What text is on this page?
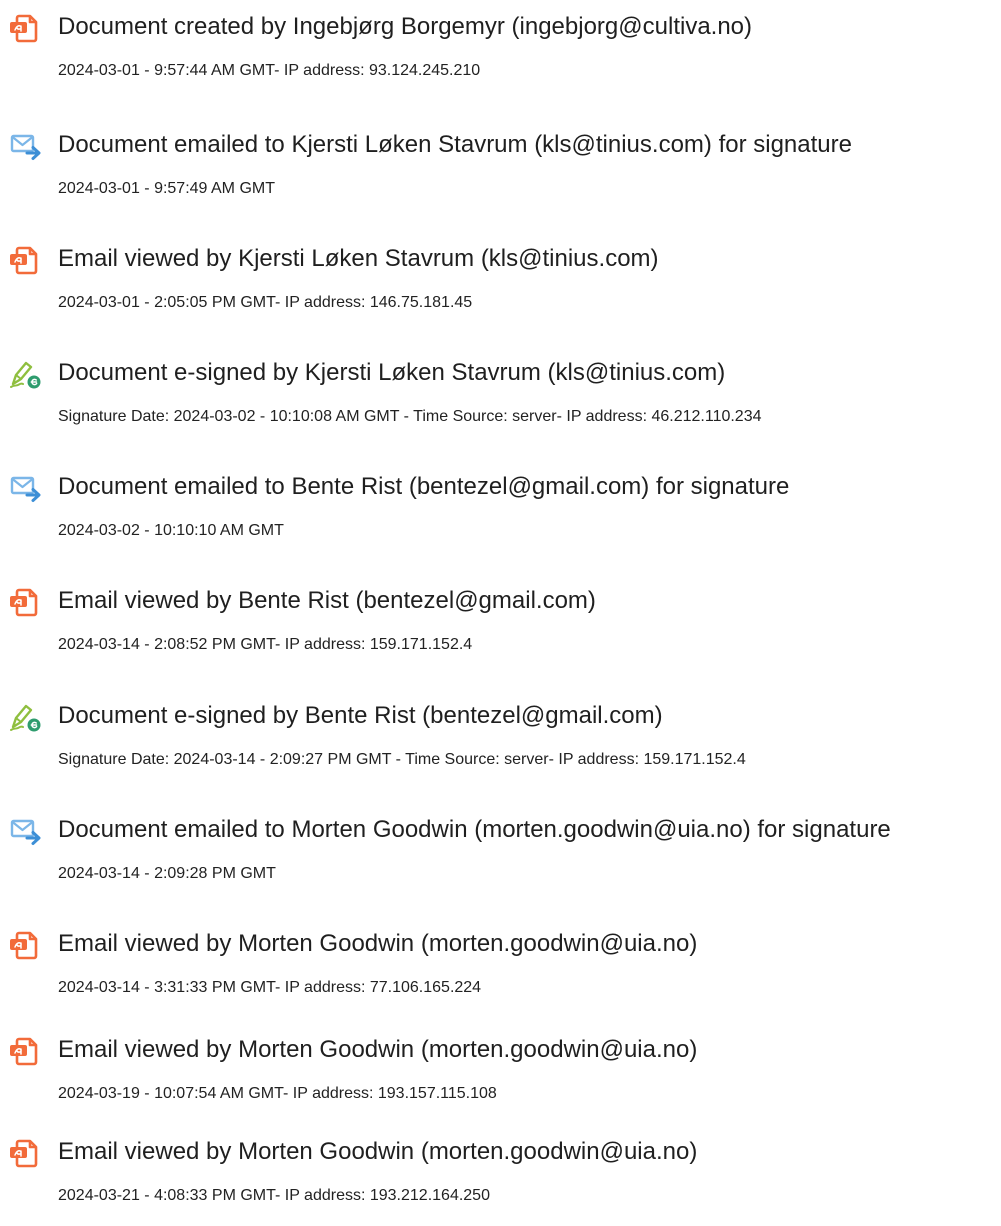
Document created by Ingebjørg Borgemyr (ingebjorg@cultiva.no)
2024-03-01 - 9:57:44 AM GMT- IP address: 93.124.245.210
Document emailed to Kjersti Løken Stavrum (kls@tinius.com) for signature
2024-03-01 - 9:57:49 AM GMT
Email viewed by Kjersti Løken Stavrum (kls@tinius.com)
2024-03-01 - 2:05:05 PM GMT- IP address: 146.75.181.45
Document e-signed by Kjersti Løken Stavrum (kls@tinius.com)
Signature Date: 2024-03-02 - 10:10:08 AM GMT - Time Source: server- IP address: 46.212.110.234
Document emailed to Bente Rist (bentezel@gmail.com) for signature
2024-03-02 - 10:10:10 AM GMT
Email viewed by Bente Rist (bentezel@gmail.com)
2024-03-14 - 2:08:52 PM GMT- IP address: 159.171.152.4
Document e-signed by Bente Rist (bentezel@gmail.com)
Signature Date: 2024-03-14 - 2:09:27 PM GMT - Time Source: server- IP address: 159.171.152.4
Document emailed to Morten Goodwin (morten.goodwin@uia.no) for signature
2024-03-14 - 2:09:28 PM GMT
Email viewed by Morten Goodwin (morten.goodwin@uia.no)
2024-03-14 - 3:31:33 PM GMT- IP address: 77.106.165.224
Email viewed by Morten Goodwin (morten.goodwin@uia.no)
2024-03-19 - 10:07:54 AM GMT- IP address: 193.157.115.108
Email viewed by Morten Goodwin (morten.goodwin@uia.no)
2024-03-21 - 4:08:33 PM GMT- IP address: 193.212.164.250
